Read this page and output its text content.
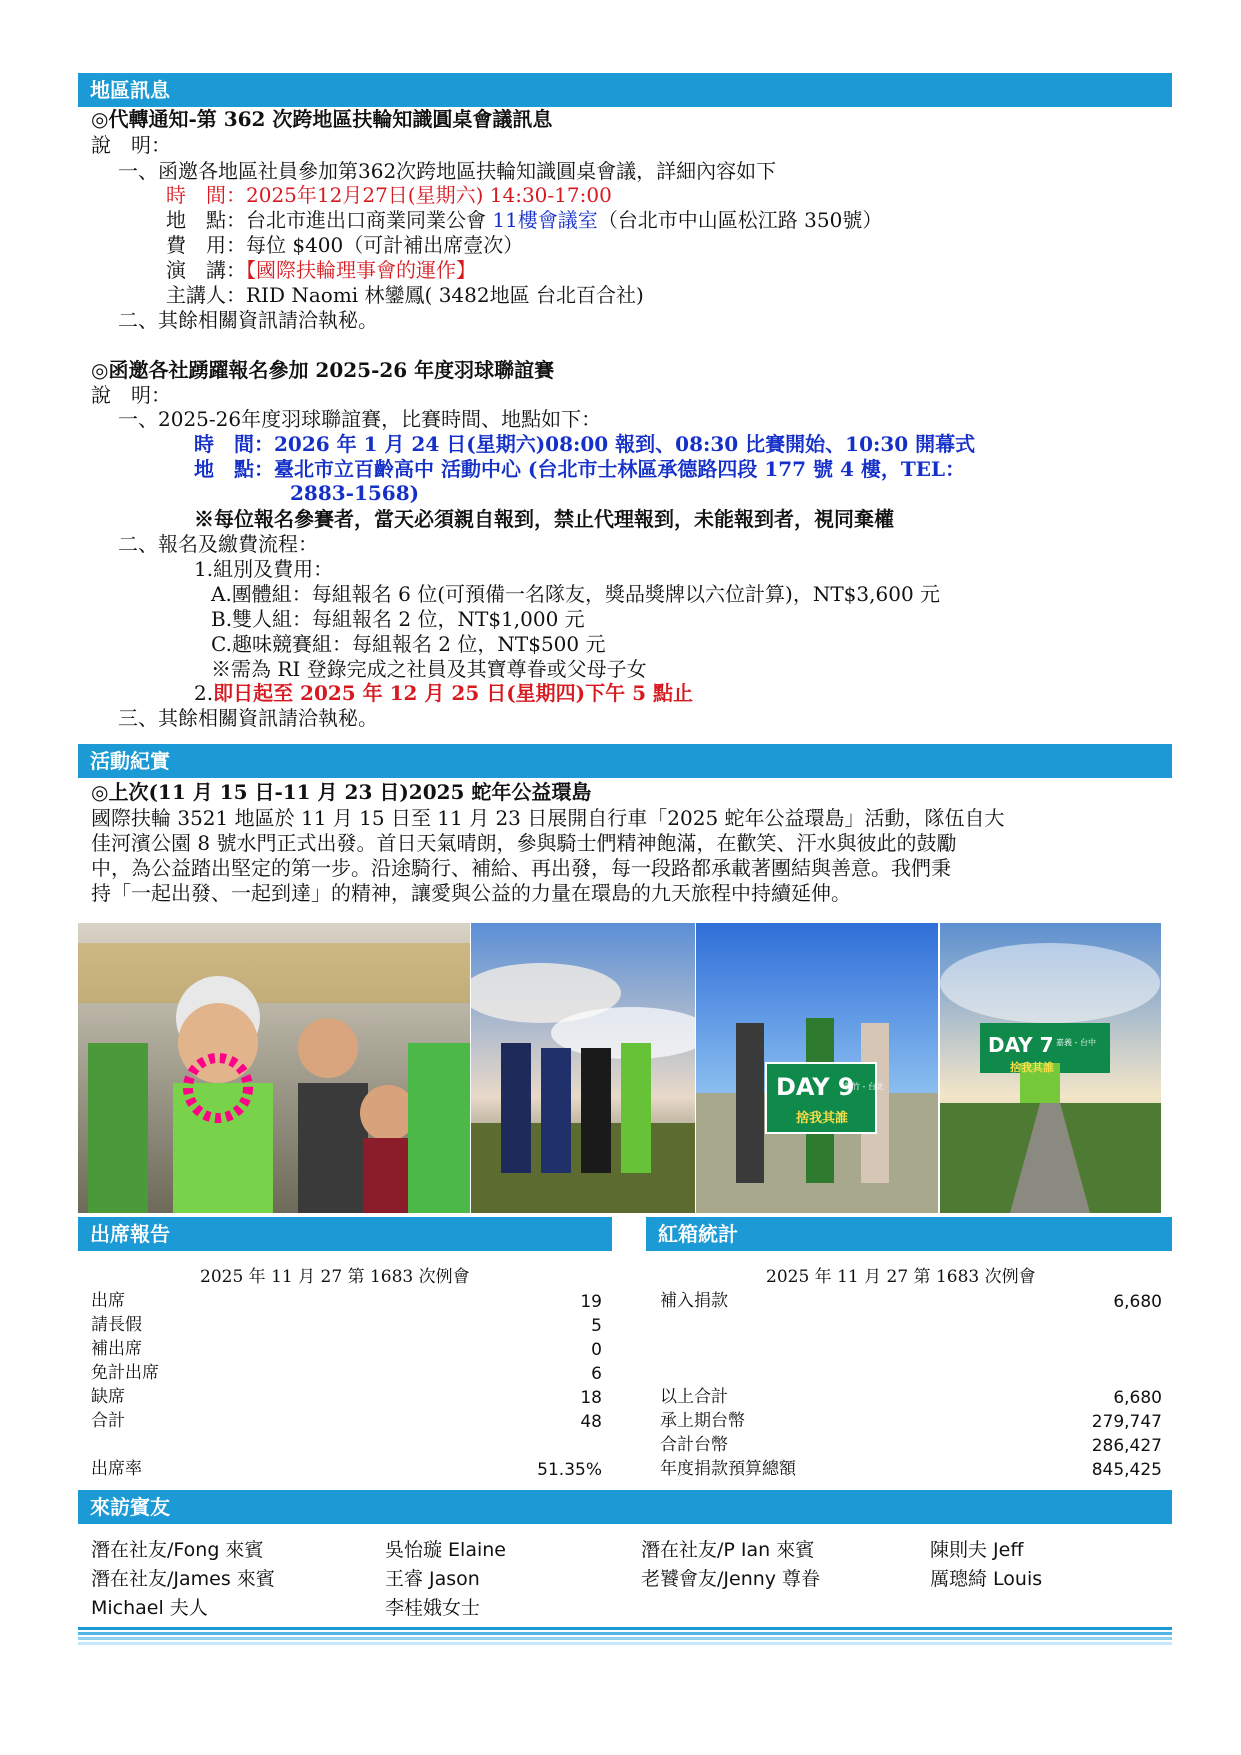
地區訊息
◎代轉通知-第 362 次跨地區扶輪知識圓桌會議訊息
說　明：
一、函邀各地區社員參加第362次跨地區扶輪知識圓桌會議，詳細內容如下
時　間：2025年12月27日(星期六) 14:30-17:00
地　點：台北市進出口商業同業公會 11樓會議室（台北市中山區松江路 350號）
費　用：每位 $400（可計補出席壹次）
演　講：【國際扶輪理事會的運作】
主講人：RID Naomi 林鑾鳳( 3482地區 台北百合社)
二、其餘相關資訊請洽執秘。
◎函邀各社踴躍報名參加 2025-26 年度羽球聯誼賽
說　明：
一、2025-26年度羽球聯誼賽，比賽時間、地點如下：
時　間：2026 年 1 月 24 日(星期六)08:00 報到、08:30 比賽開始、10:30 開幕式
地　點：臺北市立百齡高中 活動中心 (台北市士林區承德路四段 177 號 4 樓，TEL：
2883-1568)
※每位報名參賽者，當天必須親自報到，禁止代理報到，未能報到者，視同棄權
二、報名及繳費流程：
1.組別及費用：
A.團體組：每組報名 6 位(可預備一名隊友，獎品獎牌以六位計算)，NT$3,600 元
B.雙人組：每組報名 2 位，NT$1,000 元
C.趣味競賽組：每組報名 2 位，NT$500 元
※需為 RI 登錄完成之社員及其寶尊眷或父母子女
2.即日起至 2025 年 12 月 25 日(星期四)下午 5 點止
三、其餘相關資訊請洽執秘。
活動紀實
◎上次(11 月 15 日-11 月 23 日)2025 蛇年公益環島
國際扶輪 3521 地區於 11 月 15 日至 11 月 23 日展開自行車「2025 蛇年公益環島」活動，隊伍自大
佳河濱公園 8 號水門正式出發。首日天氣晴朗，參與騎士們精神飽滿，在歡笑、汗水與彼此的鼓勵
中，為公益踏出堅定的第一步。沿途騎行、補給、再出發，每一段路都承載著團結與善意。我們秉
持「一起出發、一起到達」的精神，讓愛與公益的力量在環島的九天旅程中持續延伸。
DAY 9
新竹 - 台北
捨我其誰
DAY 7 嘉義 - 台中
捨我其誰
出席報告	紅箱統計
2025 年 11 月 27 第 1683 次例會
出席	19
請長假	5
補出席	0
免計出席	6
缺席	18
合計	48
出席率	51.35%
2025 年 11 月 27 第 1683 次例會
補入捐款	6,680
以上合計	6,680
承上期台幣	279,747
合計台幣	286,427
年度捐款預算總額	845,425
來訪賓友
潛在社友/Fong 來賓	吳怡璇 Elaine	潛在社友/P Ian 來賓	陳則夫 Jeff
潛在社友/James 來賓	王睿 Jason	老饕會友/Jenny 尊眷	厲璁綺 Louis
Michael 夫人	李桂娥女士
